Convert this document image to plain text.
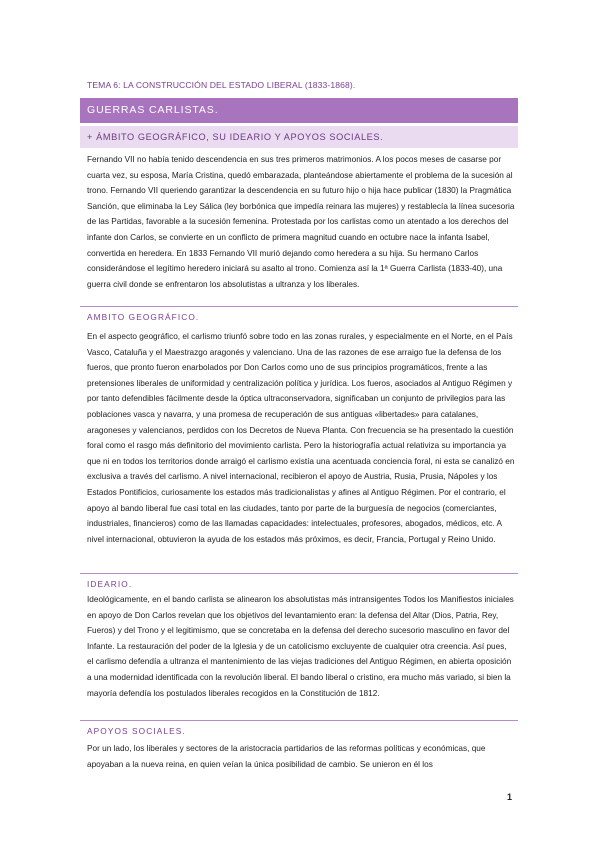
TEMA 6: LA CONSTRUCCIÓN DEL ESTADO LIBERAL (1833-1868).
GUERRAS CARLISTAS.
+ ÁMBITO GEOGRÁFICO, SU IDEARIO Y APOYOS SOCIALES.

Fernando VII no había tenido descendencia en sus tres primeros matrimonios. A los pocos meses de casarse por cuarta vez, su esposa, María Cristina, quedó embarazada, planteándose abiertamente el problema de la sucesión al trono. Fernando VII queriendo garantizar la descendencia en su futuro hijo o hija hace publicar (1830) la Pragmática Sanción, que eliminaba la Ley Sálica (ley borbónica que impedía reinara las mujeres) y restablecía la línea sucesoria de las Partidas, favorable a la sucesión femenina. Protestada por los carlistas como un atentado a los derechos del infante don Carlos, se convierte en un conflicto de primera magnitud cuando en octubre nace la infanta Isabel, convertida en heredera. En 1833 Fernando VII murió dejando como heredera a su hija. Su hermano Carlos considerándose el legítimo heredero iniciará su asalto al trono. Comienza así la 1ª Guerra Carlista (1833-40), una guerra civil donde se enfrentaron los absolutistas a ultranza y los liberales.

AMBITO GEOGRÁFICO.

En el aspecto geográfico, el carlismo triunfó sobre todo en las zonas rurales, y especialmente en el Norte, en el País Vasco, Cataluña y el Maestrazgo aragonés y valenciano. Una de las razones de ese arraigo fue la defensa de los fueros, que pronto fueron enarbolados por Don Carlos como uno de sus principios programáticos, frente a las pretensiones liberales de uniformidad y centralización política y jurídica. Los fueros, asociados al Antiguo Régimen y por tanto defendibles fácilmente desde la óptica ultraconservadora, significaban un conjunto de privilegios para las poblaciones vasca y navarra, y una promesa de recuperación de sus antiguas «libertades» para catalanes, aragoneses y valencianos, perdidos con los Decretos de Nueva Planta. Con frecuencia se ha presentado la cuestión foral como el rasgo más definitorio del movimiento carlista. Pero la historiografía actual relativiza su importancia ya que ni en todos los territorios donde arraigó el carlismo existía una acentuada conciencia foral, ni esta se canalizó en exclusiva a través del carlismo. A nivel internacional, recibieron el apoyo de Austria, Rusia, Prusia, Nápoles y los Estados Pontificios, curiosamente los estados más tradicionalistas y afines al Antiguo Régimen. Por el contrario, el apoyo al bando liberal fue casi total en las ciudades, tanto por parte de la burguesía de negocios (comerciantes, industriales, financieros) como de las llamadas capacidades: intelectuales, profesores, abogados, médicos, etc. A nivel internacional, obtuvieron la ayuda de los estados más próximos, es decir, Francia, Portugal y Reino Unido.

IDEARIO.

Ideológicamente, en el bando carlista se alinearon los absolutistas más intransigentes Todos los Manifiestos iniciales en apoyo de Don Carlos revelan que los objetivos del levantamiento eran: la defensa del Altar (Dios, Patria, Rey, Fueros) y del Trono y el legitimismo, que se concretaba en la defensa del derecho sucesorio masculino en favor del Infante. La restauración del poder de la Iglesia y de un catolicismo excluyente de cualquier otra creencia. Así pues, el carlismo defendía a ultranza el mantenimiento de las viejas tradiciones del Antiguo Régimen, en abierta oposición a una modernidad identificada con la revolución liberal. El bando liberal o cristino, era mucho más variado, si bien la mayoría defendía los postulados liberales recogidos en la Constitución de 1812.

APOYOS SOCIALES.

Por un lado, los liberales y sectores de la aristocracia partidarios de las reformas políticas y económicas, que apoyaban a la nueva reina, en quien veían la única posibilidad de cambio. Se unieron en él los

1
